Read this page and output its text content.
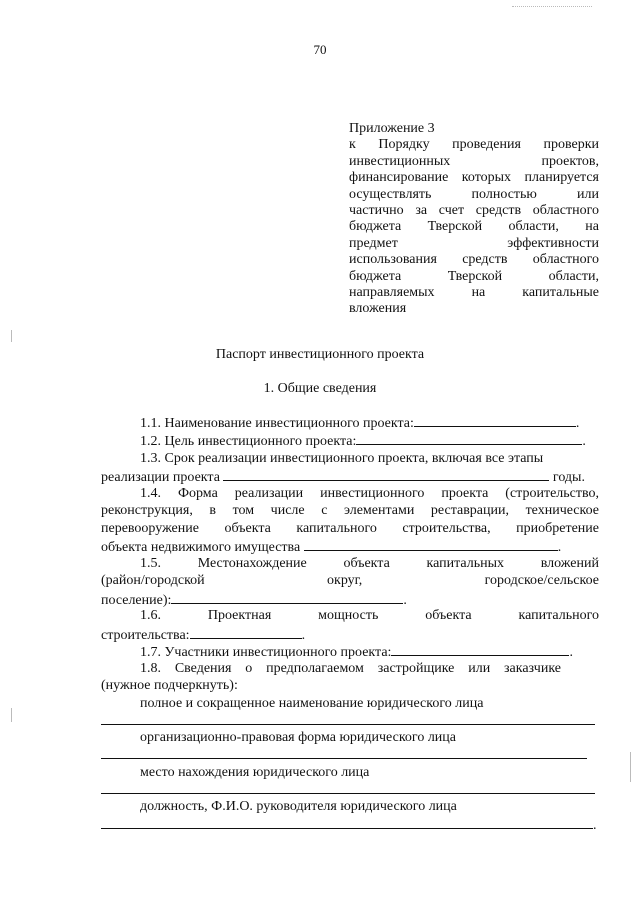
70
Приложение 3
к Порядку проведения проверки
инвестиционных проектов,
финансирование которых планируется
осуществлять полностью или
частично за счет средств областного
бюджета Тверской области, на
предмет эффективности
использования средств областного
бюджета Тверской области,
направляемых на капитальные
вложения
Паспорт инвестиционного проекта
1. Общие сведения
1.1. Наименование инвестиционного проекта:	.
1.2. Цель инвестиционного проекта:	.
1.3. Срок реализации инвестиционного проекта, включая все этапы
реализации проекта	годы.
1.4. Форма реализации инвестиционного проекта (строительство,
реконструкция, в том числе с элементами реставрации, техническое
перевооружение объекта капитального строительства, приобретение
объекта недвижимого имущества	.
1.5. Местонахождение объекта капитальных вложений
(район/городской округ, городское/сельское
поселение):	.
1.6. Проектная мощность объекта капитального
строительства:	.
1.7. Участники инвестиционного проекта:	.
1.8. Сведения о предполагаемом застройщике или заказчике
(нужное подчеркнуть):
полное и сокращенное наименование юридического лица
организационно-правовая форма юридического лица
место нахождения юридического лица
должность, Ф.И.О. руководителя юридического лица
.
